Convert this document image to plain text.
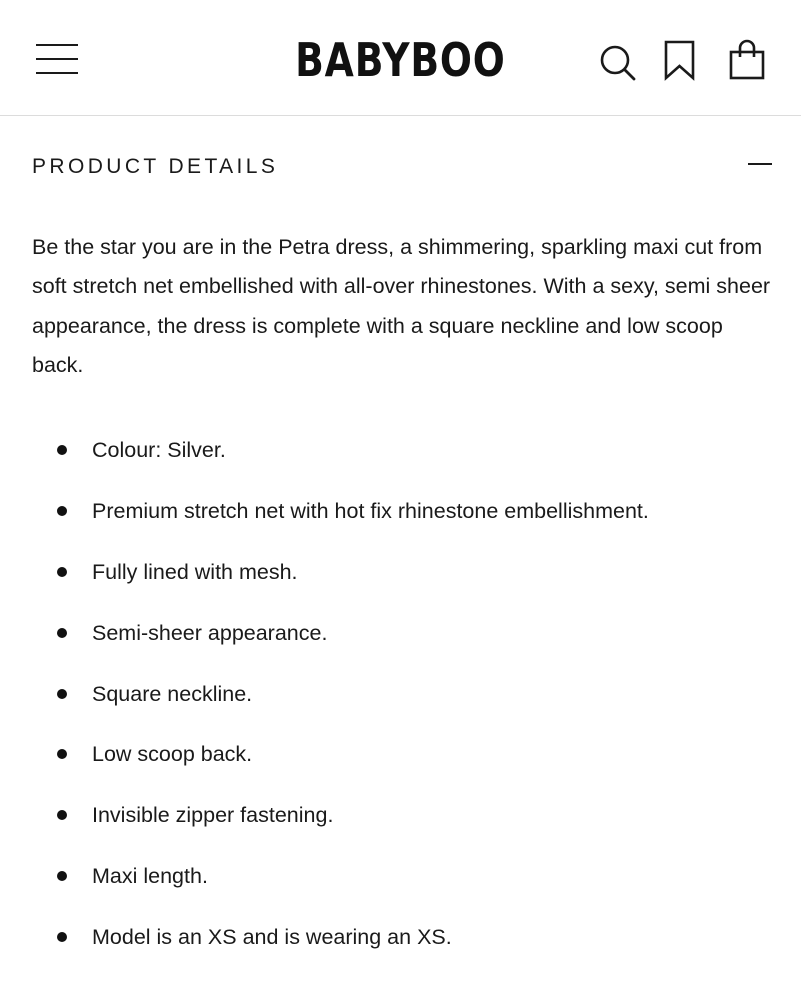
BABYBOO
PRODUCT DETAILS

Be the star you are in the Petra dress, a shimmering, sparkling maxi cut from soft stretch net embellished with all-over rhinestones. With a sexy, semi sheer appearance, the dress is complete with a square neckline and low scoop back.

Colour: Silver.
Premium stretch net with hot fix rhinestone embellishment.
Fully lined with mesh.
Semi-sheer appearance.
Square neckline.
Low scoop back.
Invisible zipper fastening.
Maxi length.
Model is an XS and is wearing an XS.
